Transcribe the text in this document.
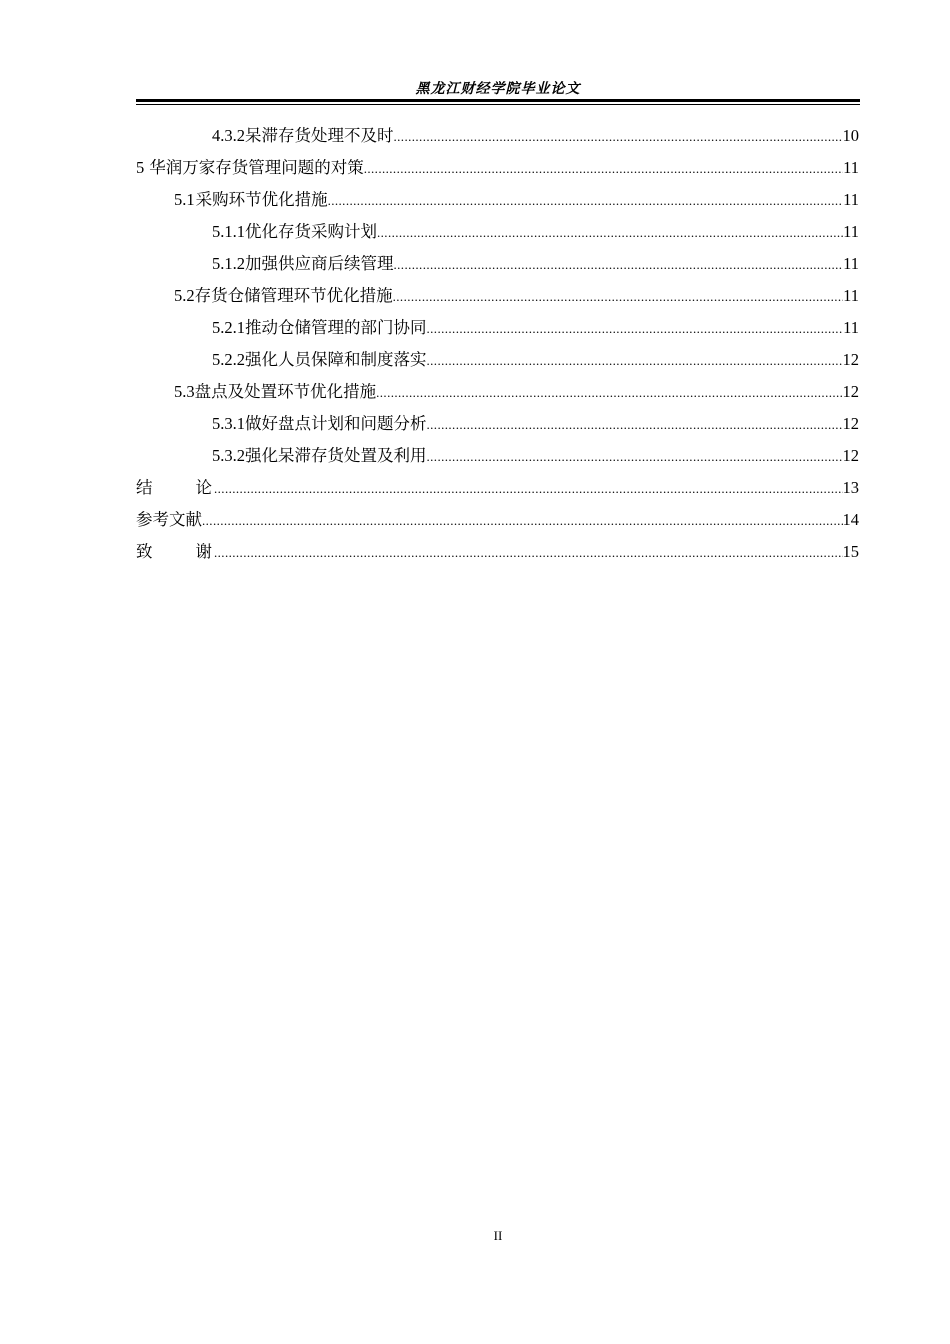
黑龙江财经学院毕业论文
4.3.2 呆滞存货处理不及时 .....	10
5 华润万家存货管理问题的对策 .....	11
5.1 采购环节优化措施 .....	11
5.1.1 优化存货采购计划 .....	11
5.1.2 加强供应商后续管理 .....	11
5.2 存货仓储管理环节优化措施 .....	11
5.2.1 推动仓储管理的部门协同 .....	11
5.2.2 强化人员保障和制度落实 .....	12
5.3 盘点及处置环节优化措施 .....	12
5.3.1 做好盘点计划和问题分析 .....	12
5.3.2 强化呆滞存货处置及利用 .....	12
结	论 .....	13
参考文献 .....	14
致	谢 .....	15
II
